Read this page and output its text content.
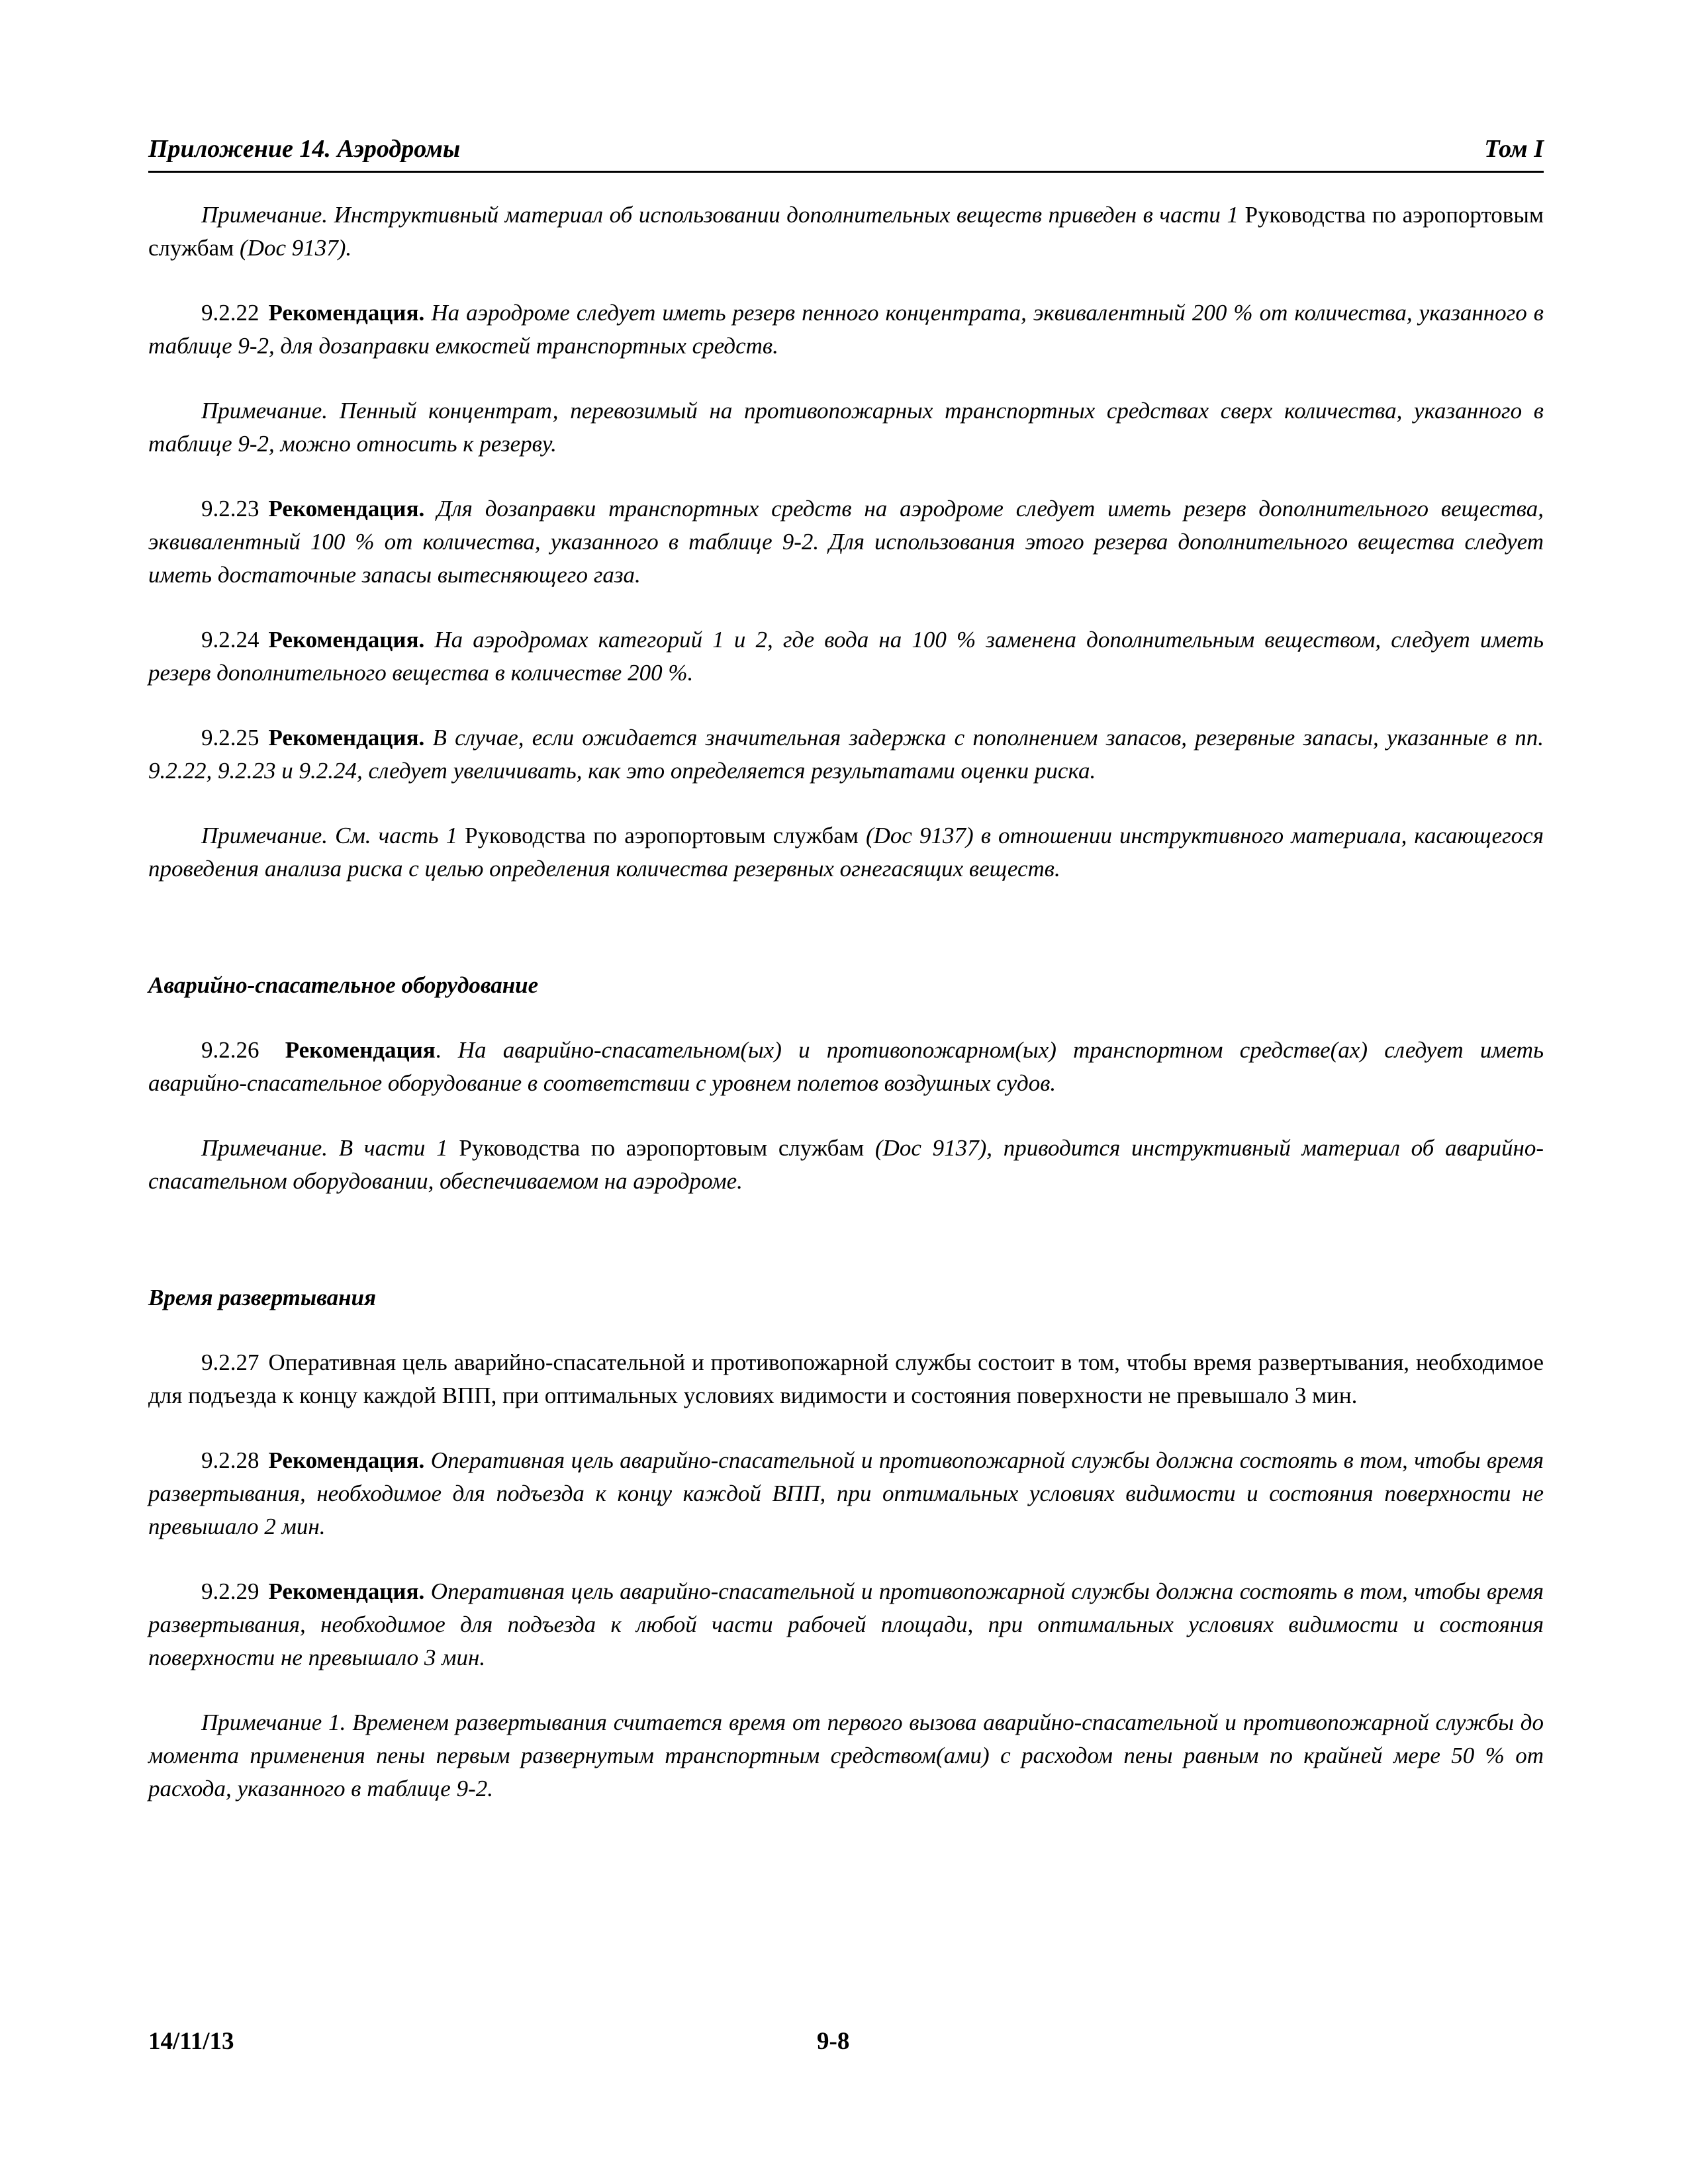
Приложение 14. Аэродромы	Том I

Примечание. Инструктивный материал об использовании дополнительных веществ приведен в части 1 Руководства по аэропортовым службам (Doc 9137).

9.2.22 Рекомендация. На аэродроме следует иметь резерв пенного концентрата, эквивалентный 200 % от количества, указанного в таблице 9-2, для дозаправки емкостей транспортных средств.

Примечание. Пенный концентрат, перевозимый на противопожарных транспортных средствах сверх количества, указанного в таблице 9-2, можно относить к резерву.

9.2.23 Рекомендация. Для дозаправки транспортных средств на аэродроме следует иметь резерв дополнительного вещества, эквивалентный 100 % от количества, указанного в таблице 9-2. Для использования этого резерва дополнительного вещества следует иметь достаточные запасы вытесняющего газа.

9.2.24 Рекомендация. На аэродромах категорий 1 и 2, где вода на 100 % заменена дополнительным веществом, следует иметь резерв дополнительного вещества в количестве 200 %.

9.2.25 Рекомендация. В случае, если ожидается значительная задержка с пополнением запасов, резервные запасы, указанные в пп. 9.2.22, 9.2.23 и 9.2.24, следует увеличивать, как это определяется результатами оценки риска.

Примечание. См. часть 1 Руководства по аэропортовым службам (Doc 9137) в отношении инструктивного материала, касающегося проведения анализа риска с целью определения количества резервных огнегасящих веществ.

Аварийно-спасательное оборудование

9.2.26 Рекомендация. На аварийно-спасательном(ых) и противопожарном(ых) транспортном средстве(ах) следует иметь аварийно-спасательное оборудование в соответствии с уровнем полетов воздушных судов.

Примечание. В части 1 Руководства по аэропортовым службам (Doc 9137), приводится инструктивный материал об аварийно-спасательном оборудовании, обеспечиваемом на аэродроме.

Время развертывания

9.2.27 Оперативная цель аварийно-спасательной и противопожарной службы состоит в том, чтобы время развертывания, необходимое для подъезда к концу каждой ВПП, при оптимальных условиях видимости и состояния поверхности не превышало 3 мин.

9.2.28 Рекомендация. Оперативная цель аварийно-спасательной и противопожарной службы должна состоять в том, чтобы время развертывания, необходимое для подъезда к концу каждой ВПП, при оптимальных условиях видимости и состояния поверхности не превышало 2 мин.

9.2.29 Рекомендация. Оперативная цель аварийно-спасательной и противопожарной службы должна состоять в том, чтобы время развертывания, необходимое для подъезда к любой части рабочей площади, при оптимальных условиях видимости и состояния поверхности не превышало 3 мин.

Примечание 1. Временем развертывания считается время от первого вызова аварийно-спасательной и противопожарной службы до момента применения пены первым развернутым транспортным средством(ами) с расходом пены равным по крайней мере 50 % от расхода, указанного в таблице 9-2.

14/11/13	9-8
